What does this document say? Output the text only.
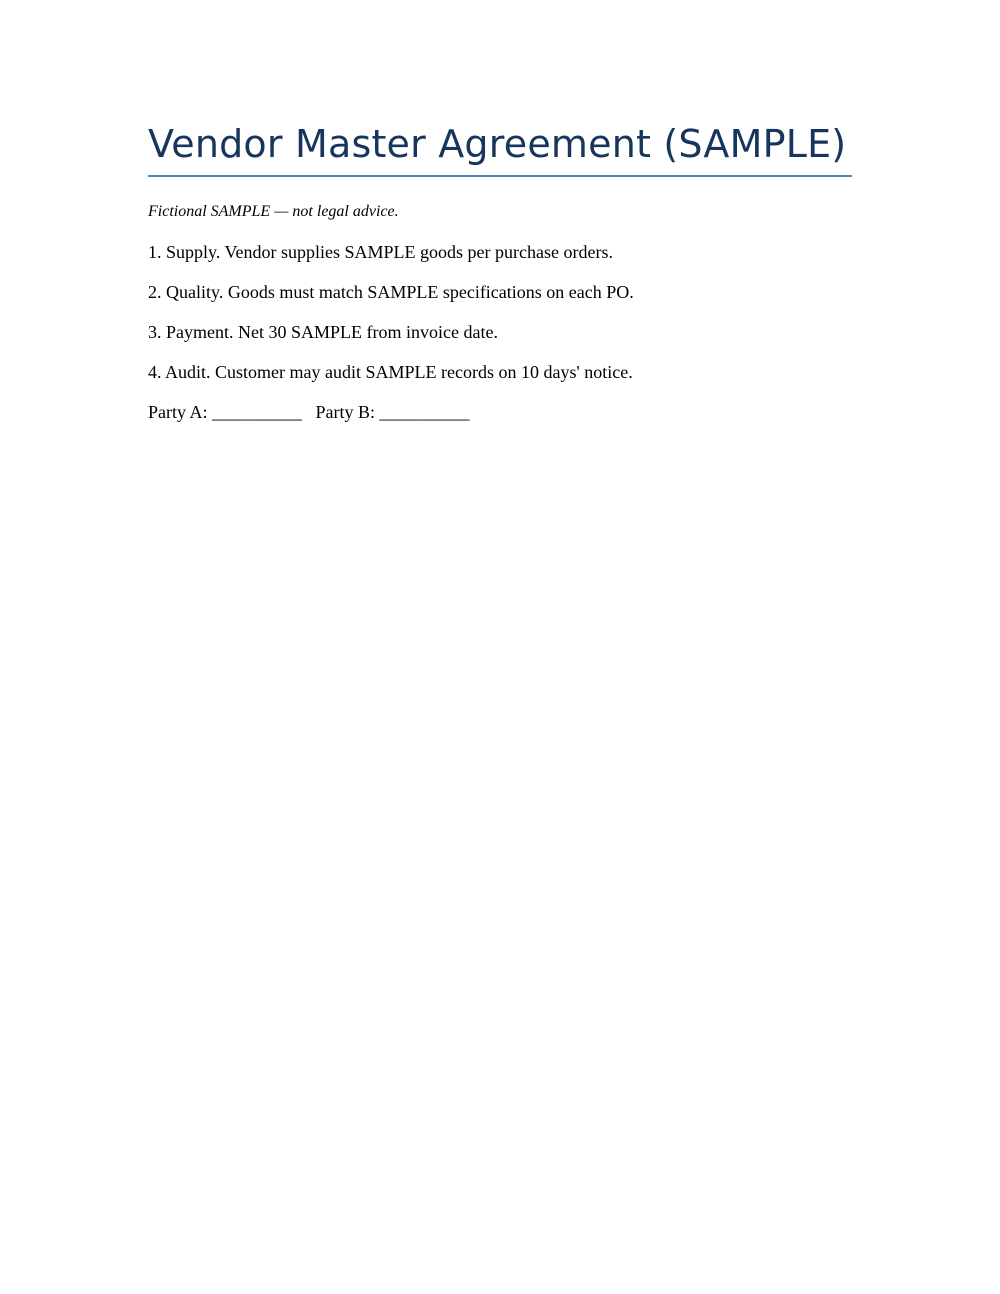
Vendor Master Agreement (SAMPLE)
Fictional SAMPLE — not legal advice.
1. Supply. Vendor supplies SAMPLE goods per purchase orders.
2. Quality. Goods must match SAMPLE specifications on each PO.
3. Payment. Net 30 SAMPLE from invoice date.
4. Audit. Customer may audit SAMPLE records on 10 days' notice.
Party A: __________   Party B: __________
